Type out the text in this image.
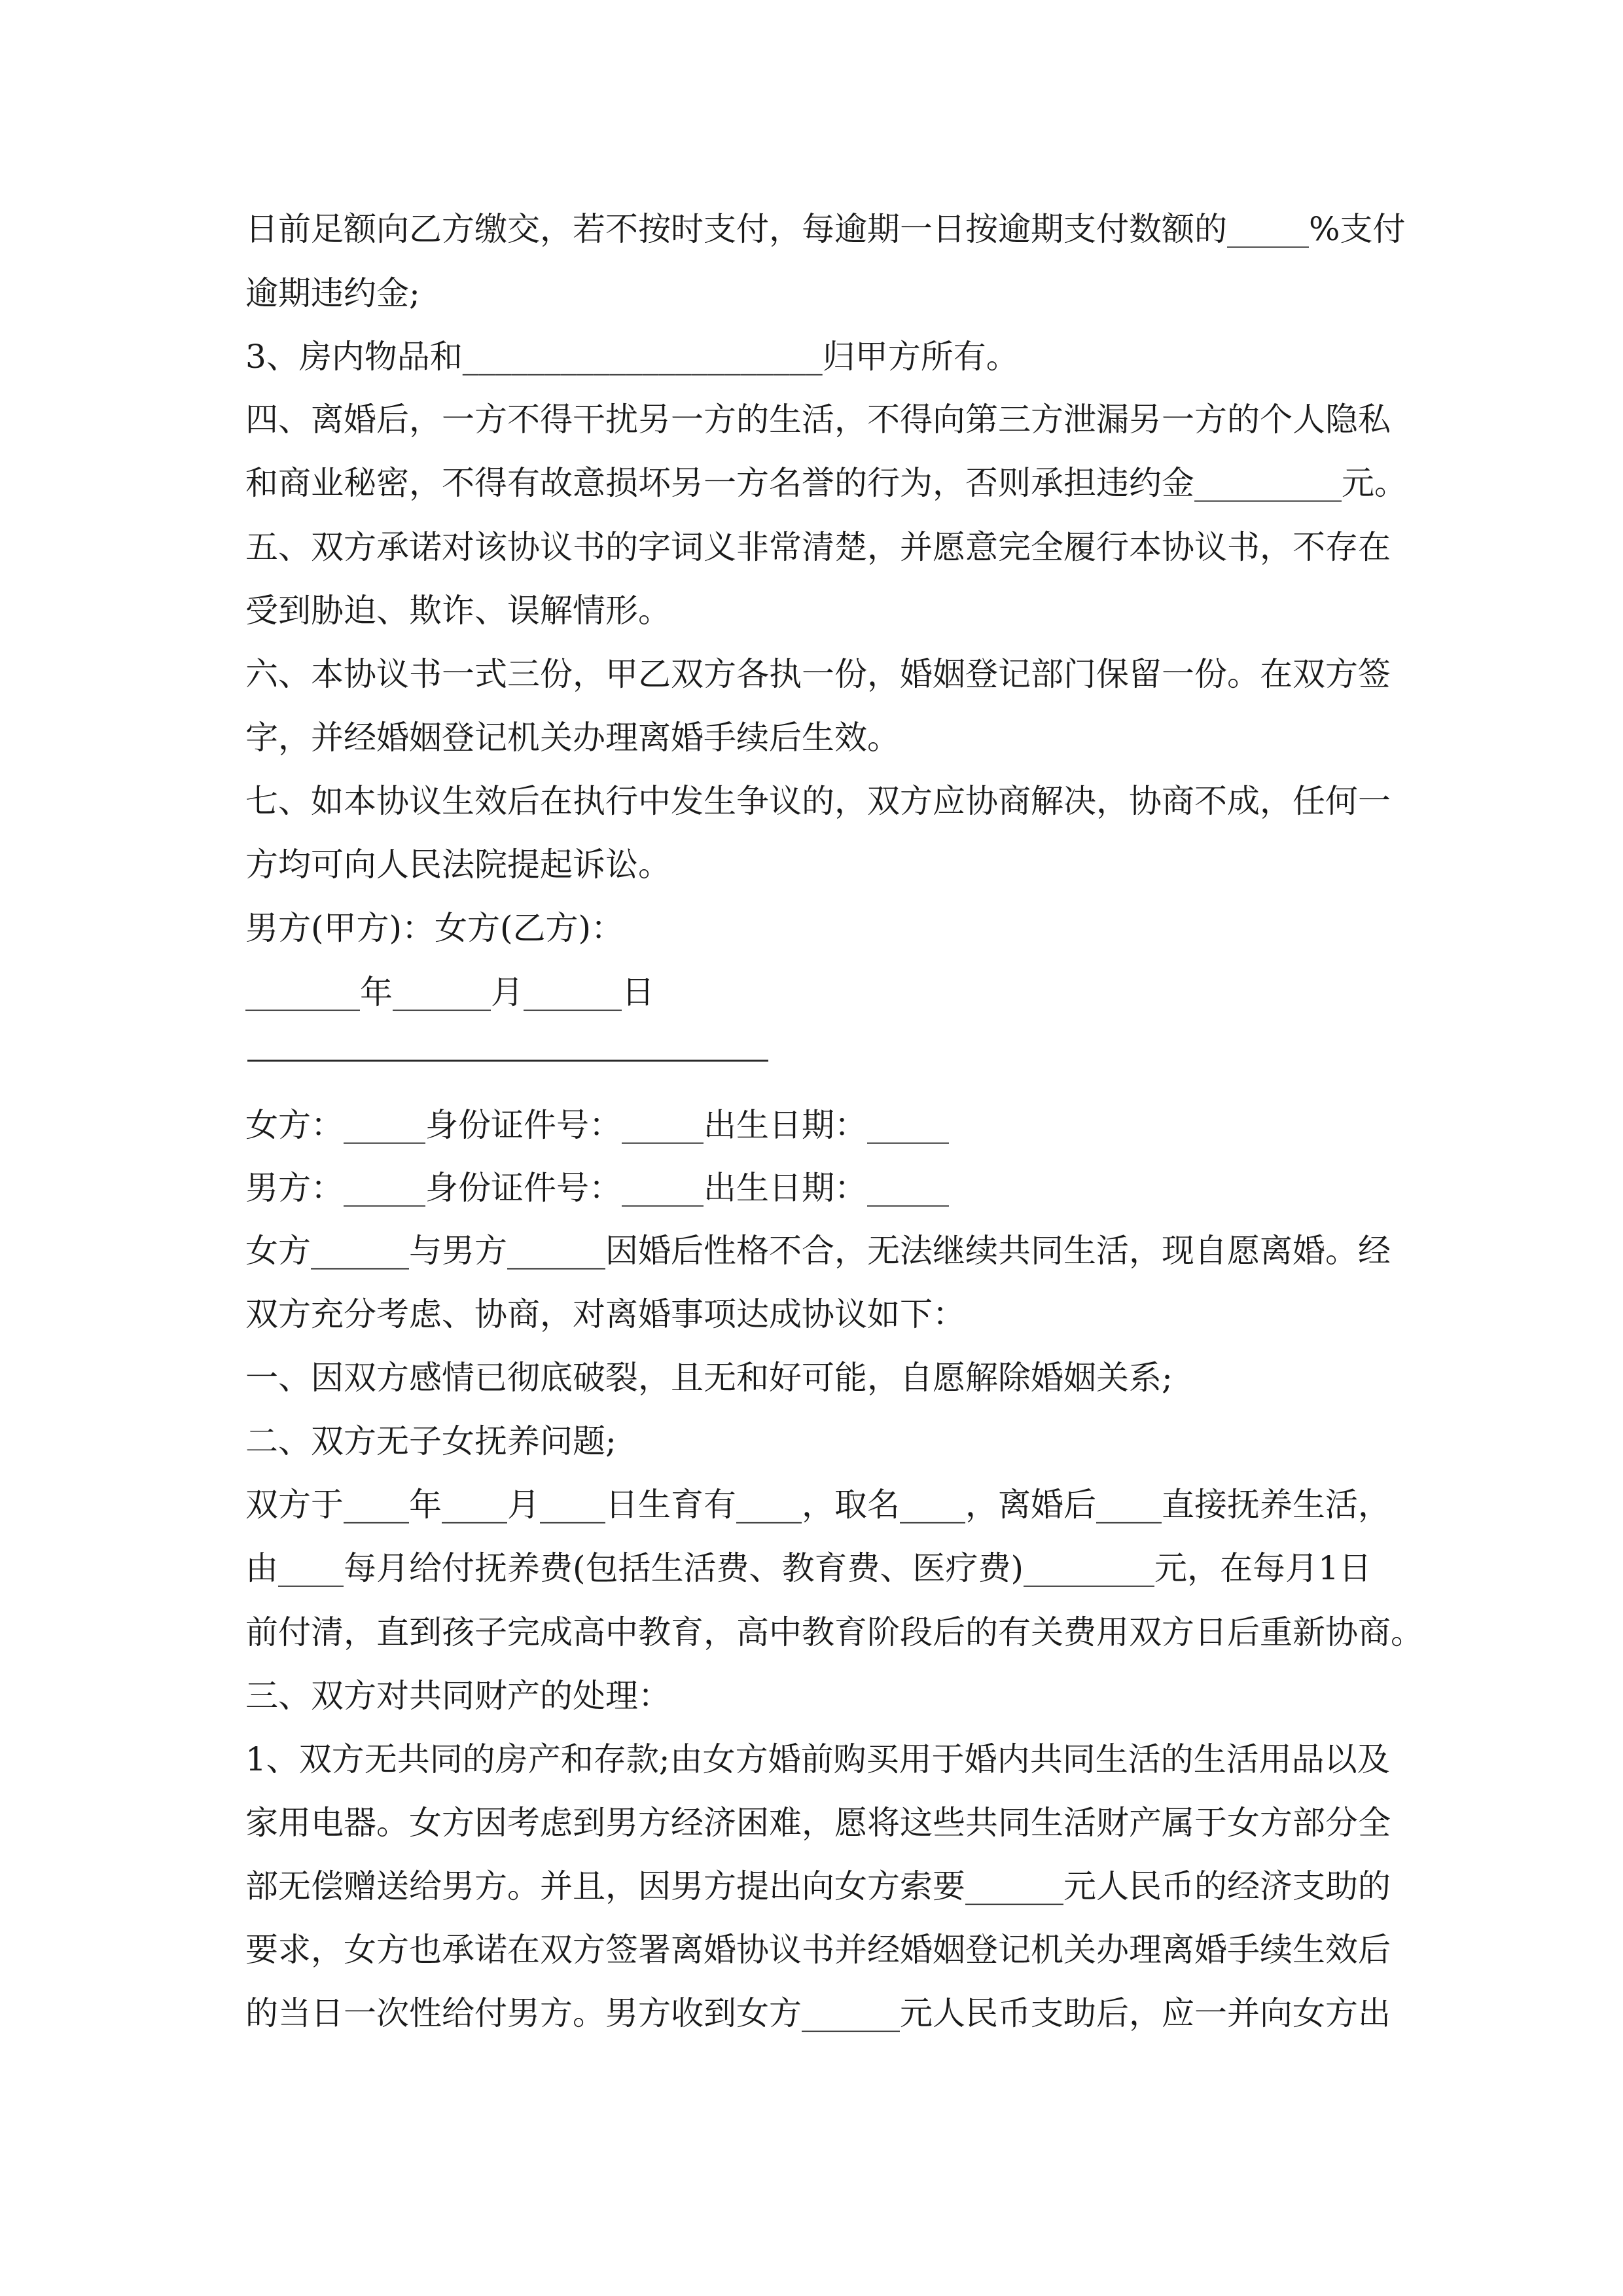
日前足额向乙方缴交，若不按时支付，每逾期一日按逾期支付数额的_____%支付
逾期违约金;
3、房内物品和______________________归甲方所有。
四、离婚后，一方不得干扰另一方的生活，不得向第三方泄漏另一方的个人隐私
和商业秘密，不得有故意损坏另一方名誉的行为，否则承担违约金_________元。
五、双方承诺对该协议书的字词义非常清楚，并愿意完全履行本协议书，不存在
受到胁迫、欺诈、误解情形。
六、本协议书一式三份，甲乙双方各执一份，婚姻登记部门保留一份。在双方签
字，并经婚姻登记机关办理离婚手续后生效。
七、如本协议生效后在执行中发生争议的，双方应协商解决，协商不成，任何一
方均可向人民法院提起诉讼。
男方(甲方)：女方(乙方)：
_______年______月______日
女方：_____身份证件号：_____出生日期：_____
男方：_____身份证件号：_____出生日期：_____
女方______与男方______因婚后性格不合，无法继续共同生活，现自愿离婚。经
双方充分考虑、协商，对离婚事项达成协议如下：
一、因双方感情已彻底破裂，且无和好可能，自愿解除婚姻关系;
二、双方无子女抚养问题;
双方于____年____月____日生育有____，取名____，离婚后____直接抚养生活，
由____每月给付抚养费(包括生活费、教育费、医疗费)________元，在每月1日
前付清，直到孩子完成高中教育，高中教育阶段后的有关费用双方日后重新协商。
三、双方对共同财产的处理：
1、双方无共同的房产和存款;由女方婚前购买用于婚内共同生活的生活用品以及
家用电器。女方因考虑到男方经济困难，愿将这些共同生活财产属于女方部分全
部无偿赠送给男方。并且，因男方提出向女方索要______元人民币的经济支助的
要求，女方也承诺在双方签署离婚协议书并经婚姻登记机关办理离婚手续生效后
的当日一次性给付男方。男方收到女方______元人民币支助后，应一并向女方出
